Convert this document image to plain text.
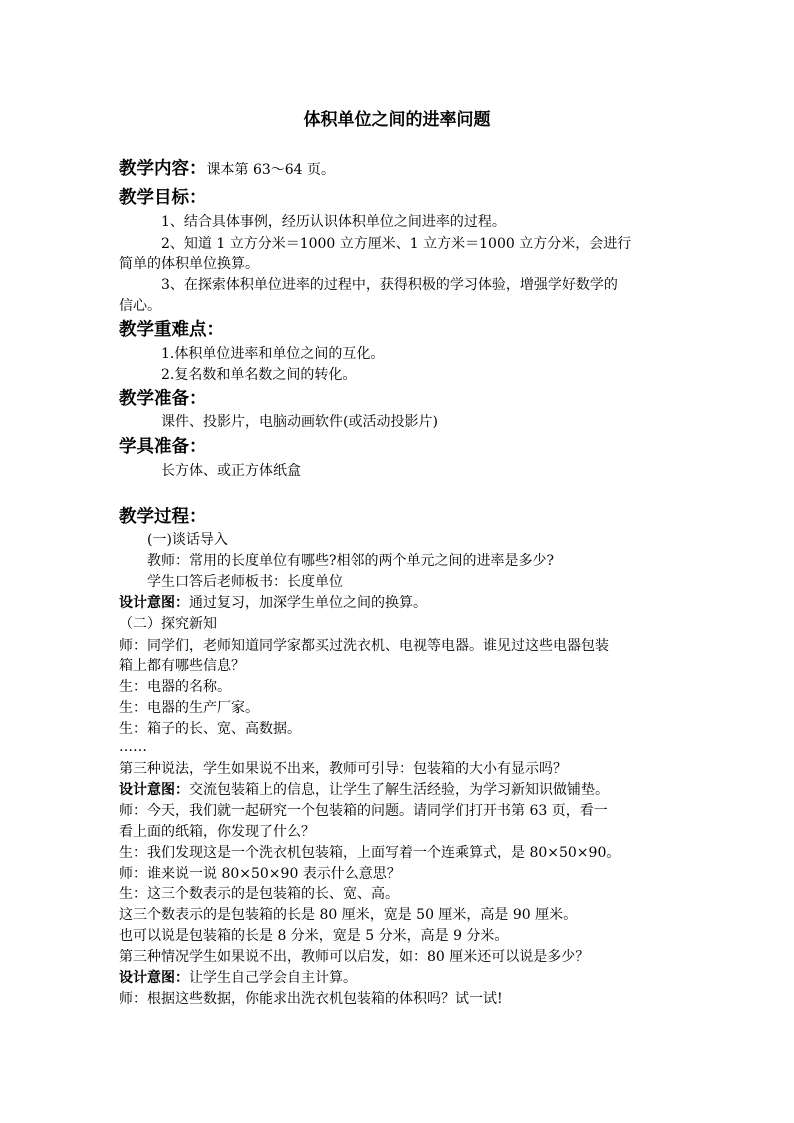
体积单位之间的进率问题
教学内容：课本第 63～64 页。
教学目标：
1、结合具体事例，经历认识体积单位之间进率的过程。
2、知道 1 立方分米＝1000 立方厘米、1 立方米＝1000 立方分米，会进行
简单的体积单位换算。
3、在探索体积单位进率的过程中，获得积极的学习体验，增强学好数学的
信心。
教学重难点：
1.体积单位进率和单位之间的互化。
2.复名数和单名数之间的转化。
教学准备：
课件、投影片，电脑动画软件(或活动投影片)
学具准备：
长方体、或正方体纸盒
教学过程：
(一)谈话导入
教师：常用的长度单位有哪些?相邻的两个单元之间的进率是多少?
学生口答后老师板书：长度单位
设计意图：通过复习，加深学生单位之间的换算。
（二）探究新知
师：同学们，老师知道同学家都买过洗衣机、电视等电器。谁见过这些电器包装
箱上都有哪些信息？
生：电器的名称。
生：电器的生产厂家。
生：箱子的长、宽、高数据。
……
第三种说法，学生如果说不出来，教师可引导：包装箱的大小有显示吗？
设计意图：交流包装箱上的信息，让学生了解生活经验，为学习新知识做铺垫。
师：今天，我们就一起研究一个包装箱的问题。请同学们打开书第 63 页，看一
看上面的纸箱，你发现了什么？
生：我们发现这是一个洗衣机包装箱，上面写着一个连乘算式，是 80×50×90。
师：谁来说一说 80×50×90 表示什么意思？
生：这三个数表示的是包装箱的长、宽、高。
这三个数表示的是包装箱的长是 80 厘米，宽是 50 厘米，高是 90 厘米。
也可以说是包装箱的长是 8 分米，宽是 5 分米，高是 9 分米。
第三种情况学生如果说不出，教师可以启发，如：80 厘米还可以说是多少？
设计意图：让学生自己学会自主计算。
师：根据这些数据，你能求出洗衣机包装箱的体积吗？试一试!
